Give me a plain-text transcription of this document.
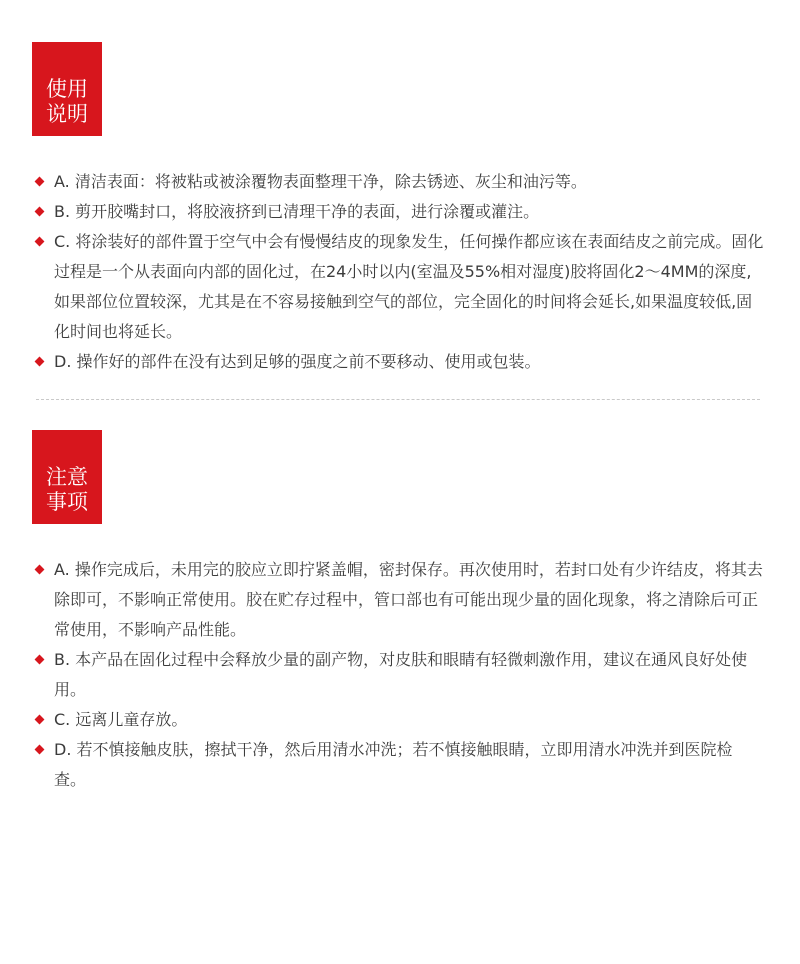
使用
说明
A. 清洁表面：将被粘或被涂覆物表面整理干净，除去锈迹、灰尘和油污等。
B. 剪开胶嘴封口，将胶液挤到已清理干净的表面，进行涂覆或灌注。
C. 将涂装好的部件置于空气中会有慢慢结皮的现象发生，任何操作都应该在表面结皮之前完成。固化过程是一个从表面向内部的固化过，在24小时以内(室温及55%相对湿度)胶将固化2～4MM的深度,如果部位位置较深，尤其是在不容易接触到空气的部位，完全固化的时间将会延长,如果温度较低,固化时间也将延长。
D. 操作好的部件在没有达到足够的强度之前不要移动、使用或包装。
注意
事项
A. 操作完成后，未用完的胶应立即拧紧盖帽，密封保存。再次使用时，若封口处有少许结皮，将其去除即可，不影响正常使用。胶在贮存过程中，管口部也有可能出现少量的固化现象，将之清除后可正常使用，不影响产品性能。
B. 本产品在固化过程中会释放少量的副产物，对皮肤和眼睛有轻微刺激作用，建议在通风良好处使用。
C. 远离儿童存放。
D. 若不慎接触皮肤，擦拭干净，然后用清水冲洗；若不慎接触眼睛，立即用清水冲洗并到医院检查。
